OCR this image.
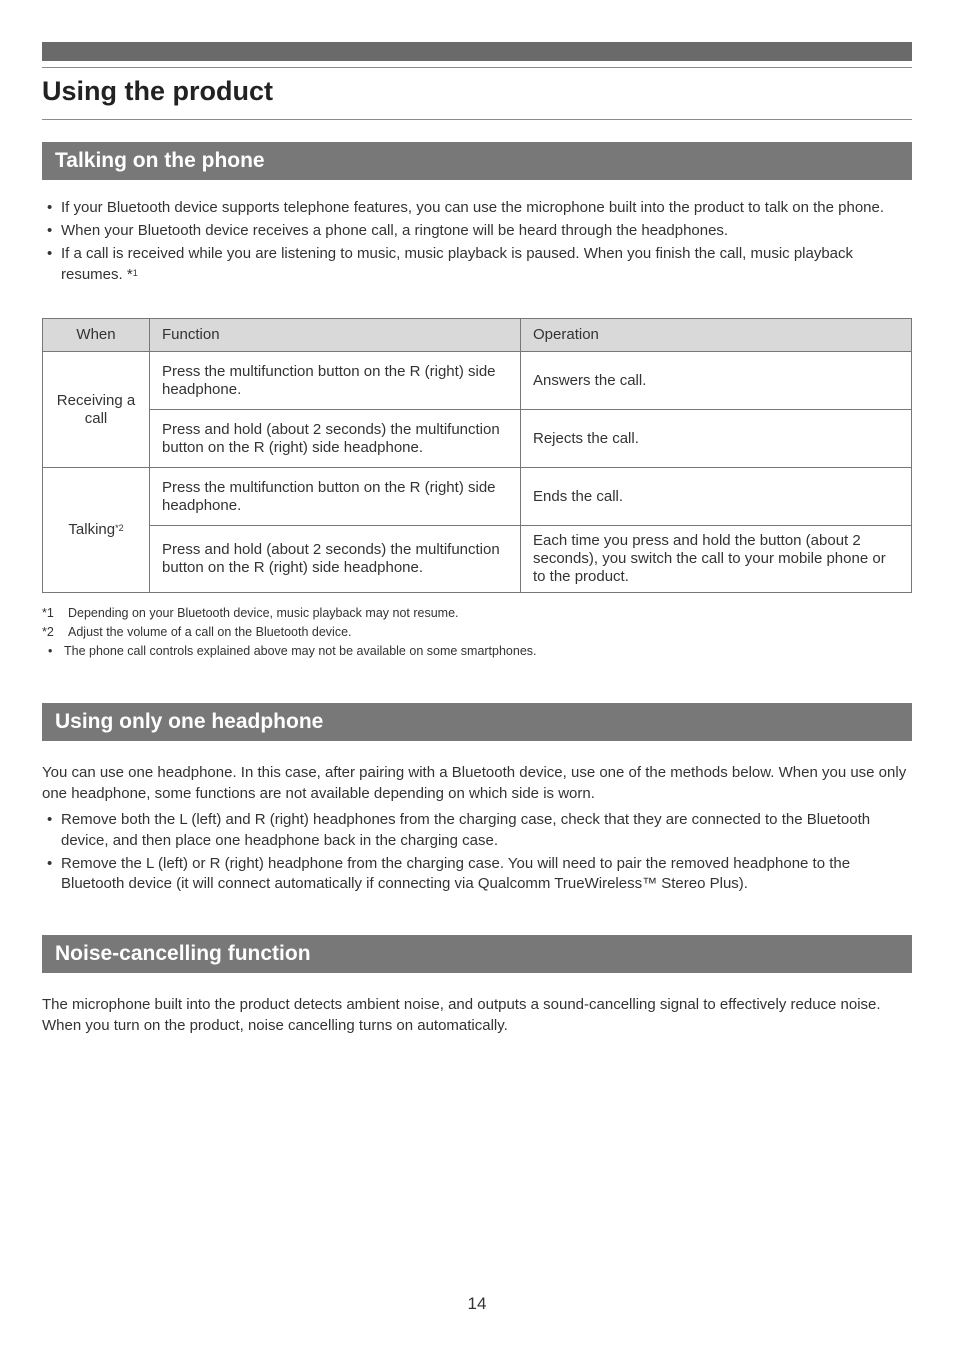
Using the product
Talking on the phone
• If your Bluetooth device supports telephone features, you can use the microphone built into the product to talk on the phone.
• When your Bluetooth device receives a phone call, a ringtone will be heard through the headphones.
• If a call is received while you are listening to music, music playback is paused. When you finish the call, music playback resumes. *$^1$
When	Function	Operation
Receiving a call	Press the multifunction button on the R (right) side headphone.	Answers the call.
	Press and hold (about 2 seconds) the multifunction button on the R (right) side headphone.	Rejects the call.
Talking$^{*2}$	Press the multifunction button on the R (right) side headphone.	Ends the call.
	Press and hold (about 2 seconds) the multifunction button on the R (right) side headphone.	Each time you press and hold the button (about 2 seconds), you switch the call to your mobile phone or to the product.
*1	Depending on your Bluetooth device, music playback may not resume.
*2	Adjust the volume of a call on the Bluetooth device.
• The phone call controls explained above may not be available on some smartphones.
Using only one headphone

You can use one headphone. In this case, after pairing with a Bluetooth device, use one of the methods below. When you use only one headphone, some functions are not available depending on which side is worn.

• Remove both the L (left) and R (right) headphones from the charging case, check that they are connected to the Bluetooth device, and then place one headphone back in the charging case.
• Remove the L (left) or R (right) headphone from the charging case. You will need to pair the removed headphone to the Bluetooth device (it will connect automatically if connecting via Qualcomm TrueWireless™ Stereo Plus).
Noise-cancelling function

The microphone built into the product detects ambient noise, and outputs a sound-cancelling signal to effectively reduce noise. When you turn on the product, noise cancelling turns on automatically.

14
